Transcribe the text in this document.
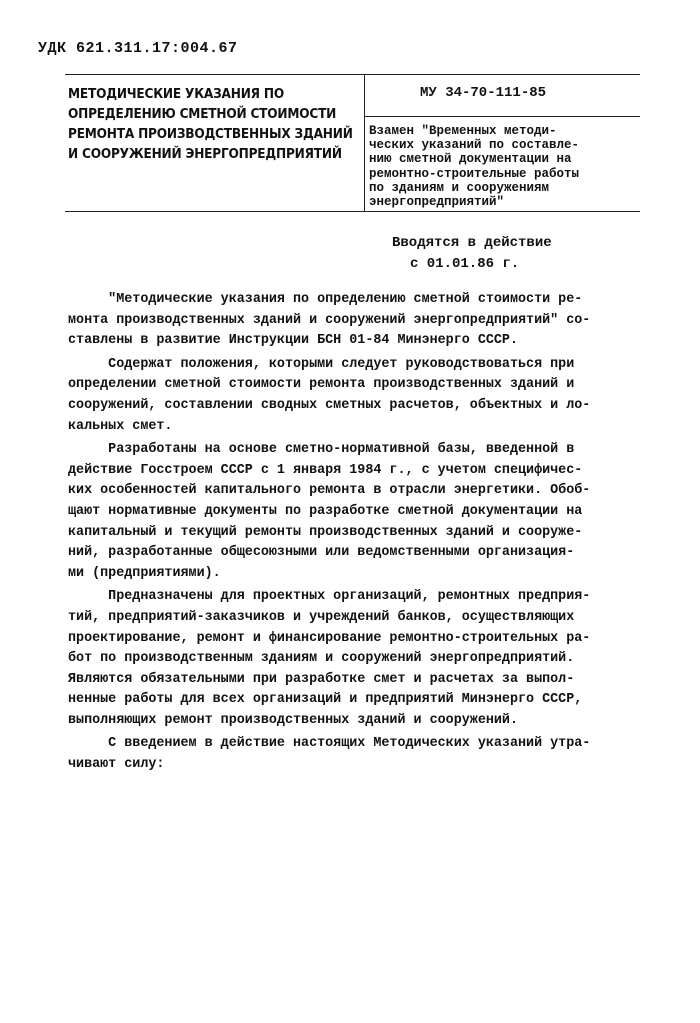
УДК 621.311.17:004.67
МЕТОДИЧЕСКИЕ УКАЗАНИЯ ПО
ОПРЕДЕЛЕНИЮ СМЕТНОЙ СТОИМОСТИ
РЕМОНТА ПРОИЗВОДСТВЕННЫХ ЗДАНИЙ
И СООРУЖЕНИЙ ЭНЕРГОПРЕДПРИЯТИЙ
МУ 34-70-111-85
Взамен "Временных методи-
ческих указаний по составле-
нию сметной документации на
ремонтно-строительные работы
по зданиям и сооружениям
энергопредприятий"
Вводятся в действие
с 01.01.86 г.
"Методические указания по определению сметной стоимости ре-
монта производственных зданий и сооружений энергопредприятий" со-
ставлены в развитие Инструкции БСН 01-84 Минэнерго СССР.
Содержат положения, которыми следует руководствоваться при
определении сметной стоимости ремонта производственных зданий и
сооружений, составлении сводных сметных расчетов, объектных и ло-
кальных смет.
Разработаны на основе сметно-нормативной базы, введенной в
действие Госстроем СССР с 1 января 1984 г., с учетом специфичес-
ких особенностей капитального ремонта в отрасли энергетики. Обоб-
щают нормативные документы по разработке сметной документации на
капитальный и текущий ремонты производственных зданий и сооруже-
ний, разработанные общесоюзными или ведомственными организация-
ми (предприятиями).
Предназначены для проектных организаций, ремонтных предприя-
тий, предприятий-заказчиков и учреждений банков, осуществляющих
проектирование, ремонт и финансирование ремонтно-строительных ра-
бот по производственным зданиям и сооружений энергопредприятий.
Являются обязательными при разработке смет и расчетах за выпол-
ненные работы для всех организаций и предприятий Минэнерго СССР,
выполняющих ремонт производственных зданий и сооружений.
С введением в действие настоящих Методических указаний утра-
чивают силу:
